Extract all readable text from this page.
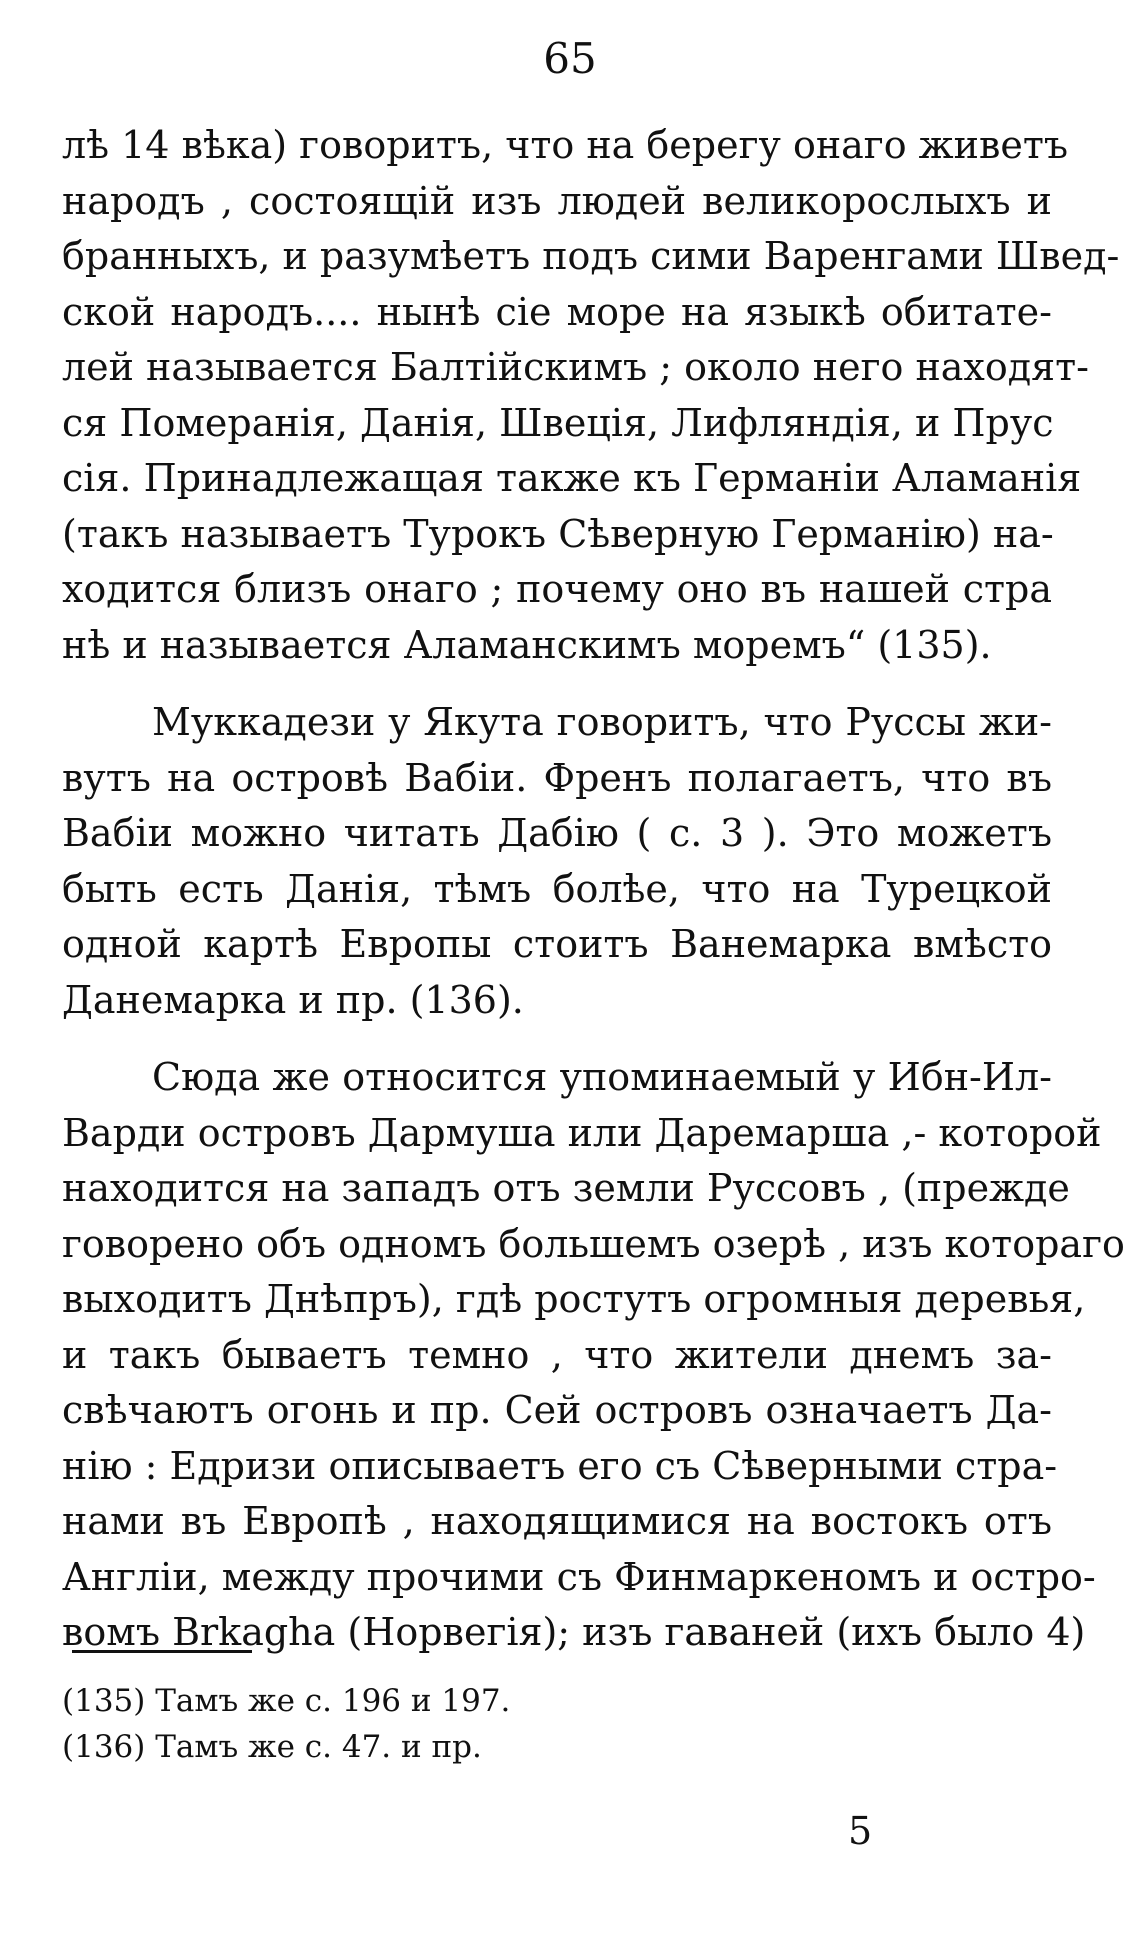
65

лѣ 14 вѣка) говоритъ, что на берегу онаго живетъ
народъ , состоящій изъ людей великорослыхъ и
бранныхъ, и разумѣетъ подъ сими Варенгами Швед-
ской народъ.... нынѣ сіе море на языкѣ обитате-
лей называется Балтійскимъ ; около него находят-
ся Померанія, Данія, Швеція, Лифляндія, и Прус
сія. Принадлежащая также къ Германіи Аламанія
(такъ называетъ Турокъ Сѣверную Германію) на-
ходится близъ онаго ; почему оно въ нашей стра
нѣ и называется Аламанскимъ моремъ“ (135).

Муккадези у Якута говоритъ, что Руссы жи-
вутъ на островѣ Вабіи. Френъ полагаетъ, что въ
Вабіи можно читать Дабію ( с. 3 ). Это можетъ
быть есть Данія, тѣмъ болѣе, что на Турецкой
одной картѣ Европы стоитъ Ванемарка вмѣсто
Данемарка и пр. (136).

Сюда же относится упоминаемый у Ибн-Ил-
Варди островъ Дармуша или Даремарша ,- которой
находится на западъ отъ земли Руссовъ , (прежде
говорено объ одномъ большемъ озерѣ , изъ котораго
выходитъ Днѣпръ), гдѣ ростутъ огромныя деревья,
и такъ бываетъ темно , что жители днемъ за-
свѣчаютъ огонь и пр. Сей островъ означаетъ Да-
нію : Едризи описываетъ его съ Сѣверными стра-
нами въ Европѣ , находящимися на востокъ отъ
Англіи, между прочими съ Финмаркеномъ и остро-
вомъ Brkagha (Норвегія); изъ гаваней (ихъ было 4)

(135) Тамъ же с. 196 и 197.
(136) Тамъ же с. 47. и пр.
5
